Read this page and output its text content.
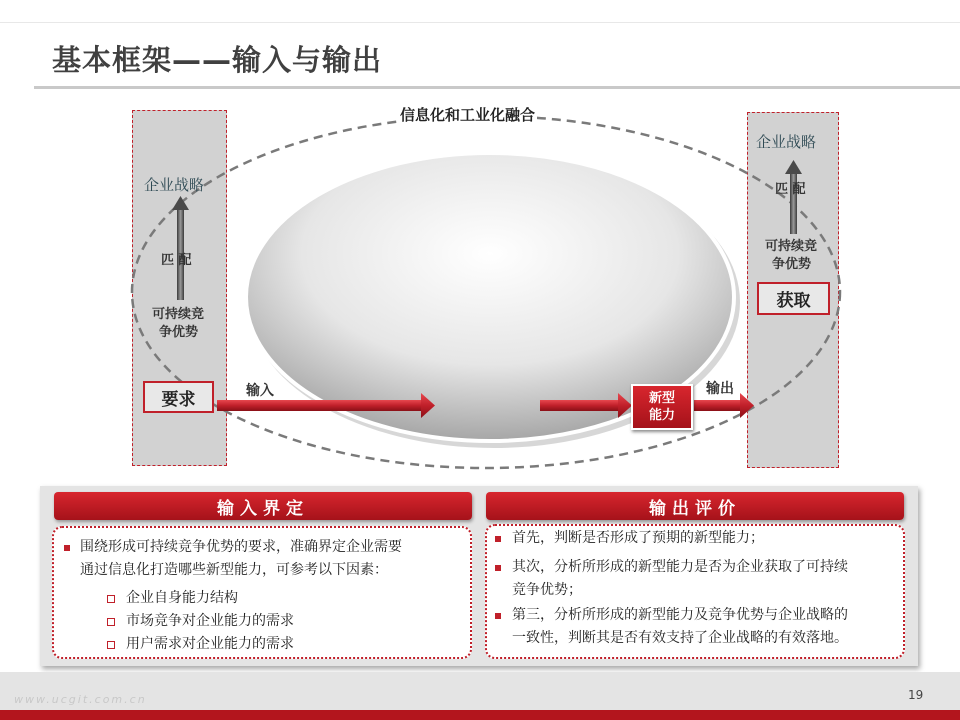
基本框架——输入与输出
信息化和工业化融合
企业战略
匹 配
可持续竞
争优势
要求
企业战略
匹 配
可持续竞
争优势
获取
输入	输出
新型
能力
输入界定	输出评价
围绕形成可持续竞争优势的要求，准确界定企业需要
通过信息化打造哪些新型能力，可参考以下因素：
企业自身能力结构
市场竞争对企业能力的需求
用户需求对企业能力的需求
首先，判断是否形成了预期的新型能力；
其次，分析所形成的新型能力是否为企业获取了可持续
竞争优势；
第三，分析所形成的新型能力及竞争优势与企业战略的
一致性，判断其是否有效支持了企业战略的有效落地。
www.ucgit.com.cn	19
